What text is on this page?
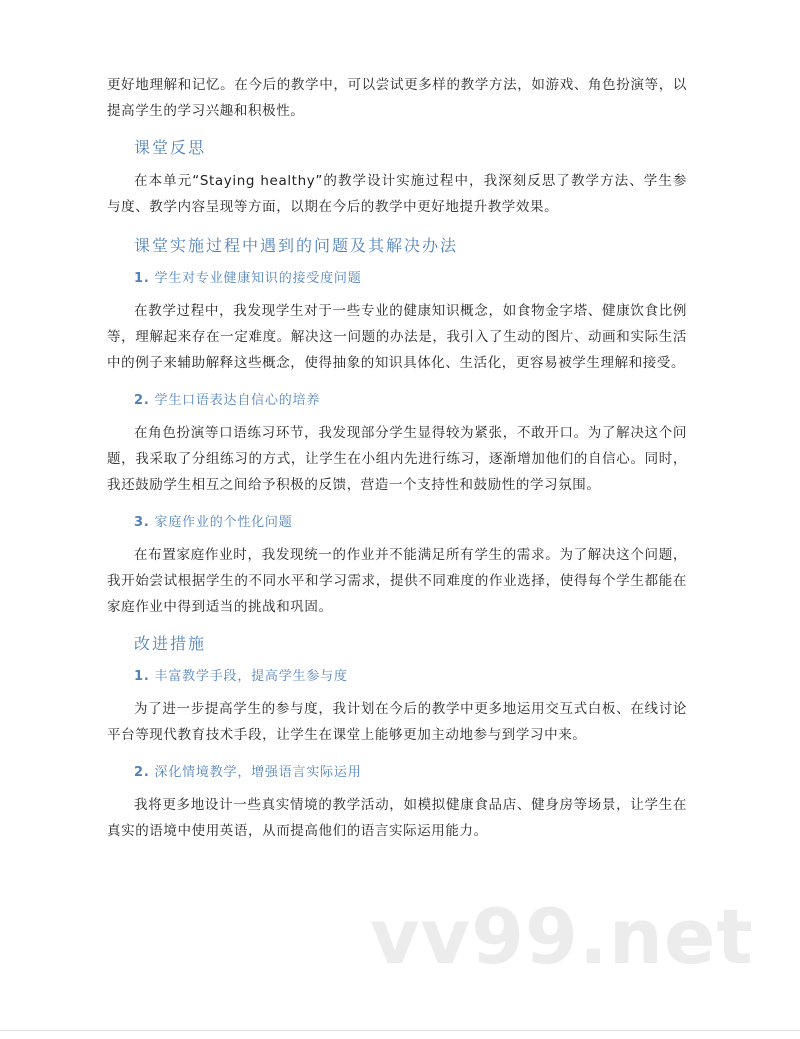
更好地理解和记忆。在今后的教学中，可以尝试更多样的教学方法，如游戏、角色扮演等，以提高学生的学习兴趣和积极性。

课堂反思

在本单元“Staying healthy”的教学设计实施过程中，我深刻反思了教学方法、学生参与度、教学内容呈现等方面，以期在今后的教学中更好地提升教学效果。

课堂实施过程中遇到的问题及其解决办法
1. 学生对专业健康知识的接受度问题

在教学过程中，我发现学生对于一些专业的健康知识概念，如食物金字塔、健康饮食比例等，理解起来存在一定难度。解决这一问题的办法是，我引入了生动的图片、动画和实际生活中的例子来辅助解释这些概念，使得抽象的知识具体化、生活化，更容易被学生理解和接受。

2. 学生口语表达自信心的培养

在角色扮演等口语练习环节，我发现部分学生显得较为紧张，不敢开口。为了解决这个问题，我采取了分组练习的方式，让学生在小组内先进行练习，逐渐增加他们的自信心。同时，我还鼓励学生相互之间给予积极的反馈，营造一个支持性和鼓励性的学习氛围。

3. 家庭作业的个性化问题

在布置家庭作业时，我发现统一的作业并不能满足所有学生的需求。为了解决这个问题，我开始尝试根据学生的不同水平和学习需求，提供不同难度的作业选择，使得每个学生都能在家庭作业中得到适当的挑战和巩固。

改进措施
1. 丰富教学手段，提高学生参与度

为了进一步提高学生的参与度，我计划在今后的教学中更多地运用交互式白板、在线讨论平台等现代教育技术手段，让学生在课堂上能够更加主动地参与到学习中来。

2. 深化情境教学，增强语言实际运用

我将更多地设计一些真实情境的教学活动，如模拟健康食品店、健身房等场景，让学生在真实的语境中使用英语，从而提高他们的语言实际运用能力。

vv99.net
